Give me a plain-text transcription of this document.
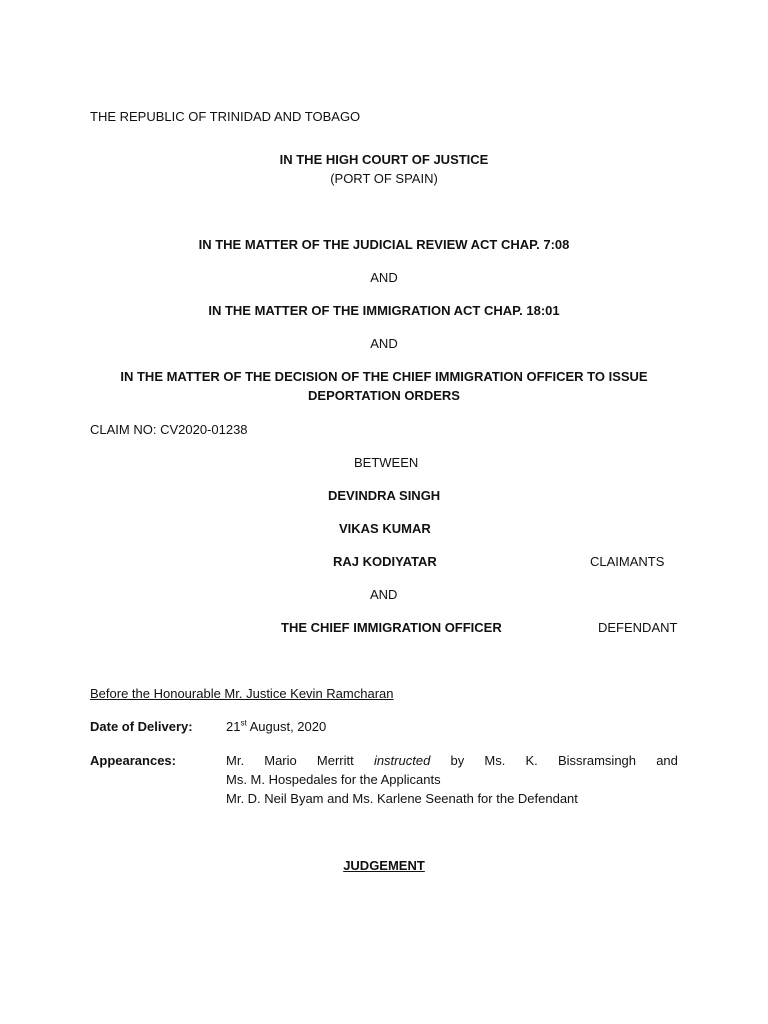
THE REPUBLIC OF TRINIDAD AND TOBAGO
IN THE HIGH COURT OF JUSTICE
(PORT OF SPAIN)
IN THE MATTER OF THE JUDICIAL REVIEW ACT CHAP. 7:08
AND
IN THE MATTER OF THE IMMIGRATION ACT CHAP. 18:01
AND
IN THE MATTER OF THE DECISION OF THE CHIEF IMMIGRATION OFFICER TO ISSUE
DEPORTATION ORDERS
CLAIM NO: CV2020-01238
BETWEEN
DEVINDRA SINGH
VIKAS KUMAR
RAJ KODIYATAR	CLAIMANTS
AND
THE CHIEF IMMIGRATION OFFICER	DEFENDANT
Before the Honourable Mr. Justice Kevin Ramcharan
Date of Delivery:	21st August, 2020
Appearances:	Mr. Mario Merritt instructed by Ms. K. Bissramsingh and
Ms. M. Hospedales for the Applicants
Mr. D. Neil Byam and Ms. Karlene Seenath for the Defendant
JUDGEMENT
